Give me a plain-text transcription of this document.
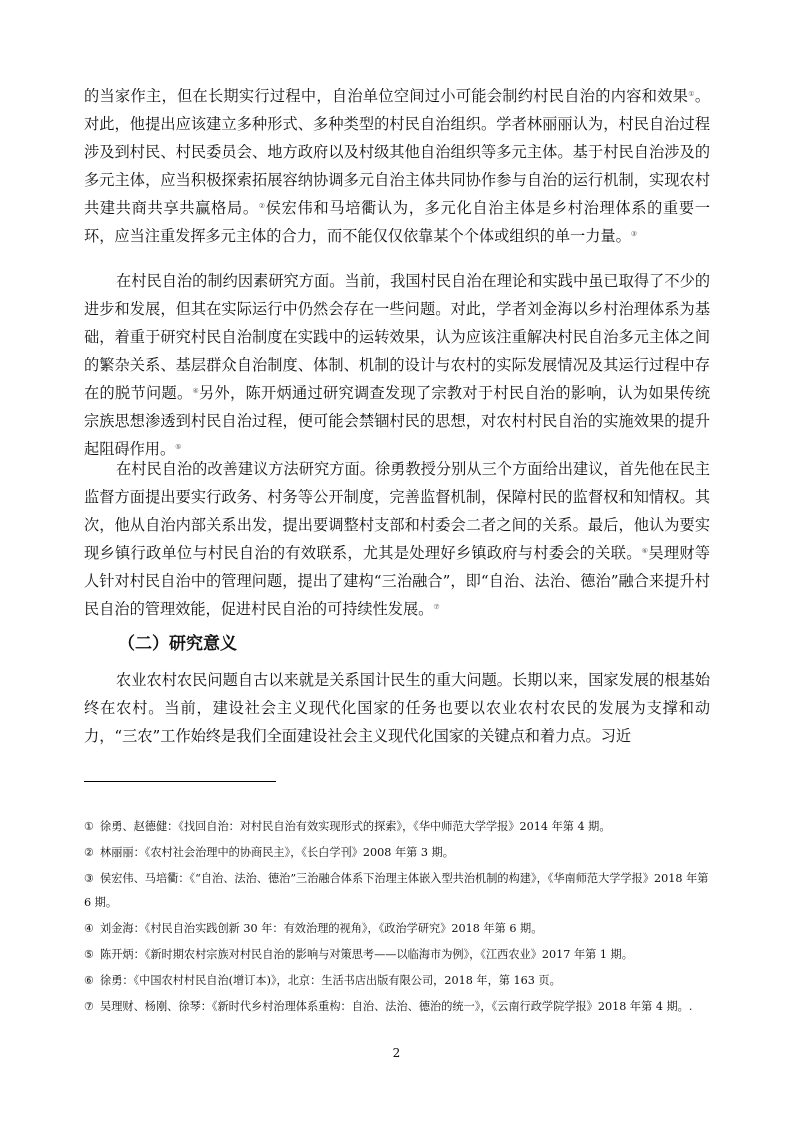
的当家作主，但在长期实行过程中，自治单位空间过小可能会制约村民自治的内容和效果①。对此，他提出应该建立多种形式、多种类型的村民自治组织。学者林丽丽认为，村民自治过程涉及到村民、村民委员会、地方政府以及村级其他自治组织等多元主体。基于村民自治涉及的多元主体，应当积极探索拓展容纳协调多元自治主体共同协作参与自治的运行机制，实现农村共建共商共享共赢格局。②侯宏伟和马培衢认为，多元化自治主体是乡村治理体系的重要一环，应当注重发挥多元主体的合力，而不能仅仅依靠某个个体或组织的单一力量。③

在村民自治的制约因素研究方面。当前，我国村民自治在理论和实践中虽已取得了不少的进步和发展，但其在实际运行中仍然会存在一些问题。对此，学者刘金海以乡村治理体系为基础，着重于研究村民自治制度在实践中的运转效果，认为应该注重解决村民自治多元主体之间的繁杂关系、基层群众自治制度、体制、机制的设计与农村的实际发展情况及其运行过程中存在的脱节问题。④另外，陈开炳通过研究调查发现了宗教对于村民自治的影响，认为如果传统宗族思想渗透到村民自治过程，便可能会禁锢村民的思想，对农村村民自治的实施效果的提升起阻碍作用。⑤

在村民自治的改善建议方法研究方面。徐勇教授分别从三个方面给出建议，首先他在民主监督方面提出要实行政务、村务等公开制度，完善监督机制，保障村民的监督权和知情权。其次，他从自治内部关系出发，提出要调整村支部和村委会二者之间的关系。最后，他认为要实现乡镇行政单位与村民自治的有效联系，尤其是处理好乡镇政府与村委会的关联。⑥吴理财等人针对村民自治中的管理问题，提出了建构“三治融合”，即“自治、法治、德治”融合来提升村民自治的管理效能，促进村民自治的可持续性发展。⑦

（二）研究意义

农业农村农民问题自古以来就是关系国计民生的重大问题。长期以来，国家发展的根基始终在农村。当前，建设社会主义现代化国家的任务也要以农业农村农民的发展为支撑和动力，“三农”工作始终是我们全面建设社会主义现代化国家的关键点和着力点。习近

① 徐勇、赵德健：《找回自治：对村民自治有效实现形式的探索》，《华中师范大学学报》2014 年第 4 期。
② 林丽丽：《农村社会治理中的协商民主》，《长白学刊》2008 年第 3 期。
③ 侯宏伟、马培衢：《“自治、法治、德治”三治融合体系下治理主体嵌入型共治机制的构建》，《华南师范大学学报》2018 年第 6 期。
④ 刘金海：《村民自治实践创新 30 年：有效治理的视角》，《政治学研究》2018 年第 6 期。
⑤ 陈开炳：《新时期农村宗族对村民自治的影响与对策思考——以临海市为例》，《江西农业》2017 年第 1 期。
⑥ 徐勇：《中国农村村民自治(增订本)》，北京：生活书店出版有限公司，2018 年，第 163 页。
⑦ 吴理财、杨刚、徐琴：《新时代乡村治理体系重构：自治、法治、德治的统一》，《云南行政学院学报》2018 年第 4 期。.
2
